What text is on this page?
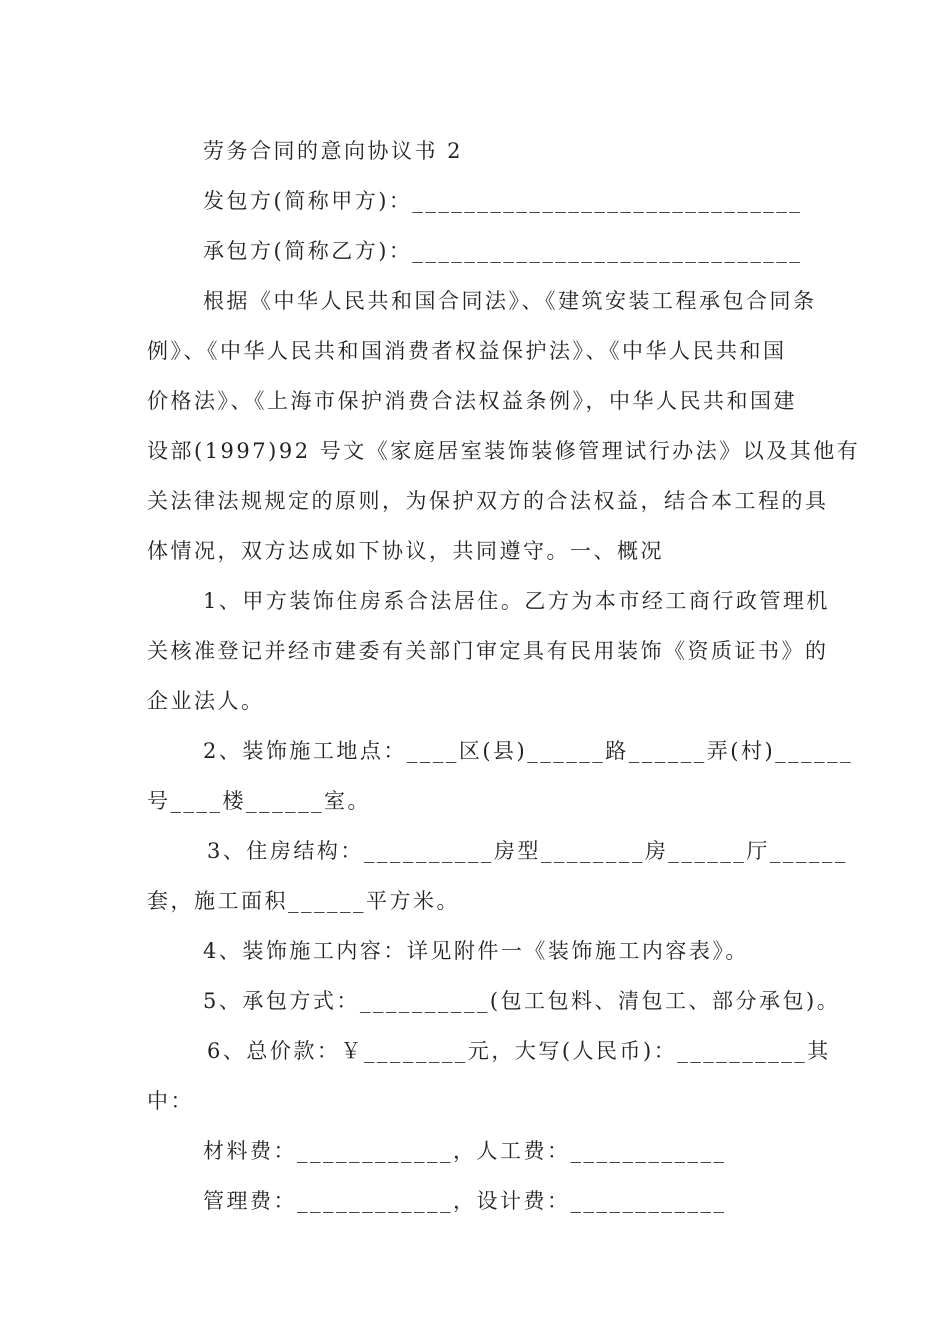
劳务合同的意向协议书 2
发包方(简称甲方)：______________________________
承包方(简称乙方)：______________________________
根据《中华人民共和国合同法》、《建筑安装工程承包合同条
例》、《中华人民共和国消费者权益保护法》、《中华人民共和国
价格法》、《上海市保护消费合法权益条例》，中华人民共和国建
设部(1997)92 号文《家庭居室装饰装修管理试行办法》以及其他有
关法律法规规定的原则，为保护双方的合法权益，结合本工程的具
体情况，双方达成如下协议，共同遵守。一、概况
1、甲方装饰住房系合法居住。乙方为本市经工商行政管理机
关核准登记并经市建委有关部门审定具有民用装饰《资质证书》的
企业法人。
2、装饰施工地点：____区(县)______路______弄(村)______
号____楼______室。
3、住房结构：__________房型________房______厅______
套，施工面积______平方米。
4、装饰施工内容：详见附件一《装饰施工内容表》。
5、承包方式：__________(包工包料、清包工、部分承包)。
6、总价款：￥________元，大写(人民币)：__________其
中：
材料费：____________，人工费：____________
管理费：____________，设计费：____________
